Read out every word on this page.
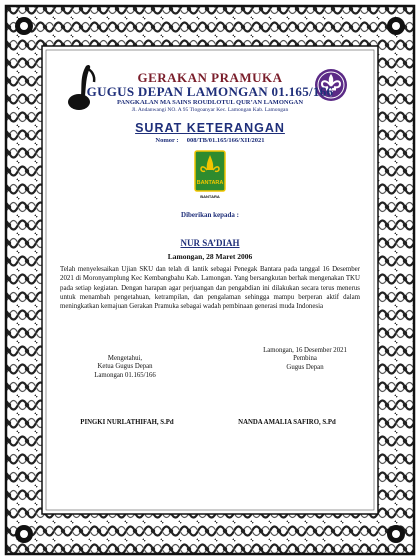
GERAKAN PRAMUKA
GUGUS DEPAN LAMONGAN 01.165/166
PANGKALAN MA SAINS ROUDLOTUL QUR’AN LAMONGAN
Jl. Andanwangi NO. A 95 Tlogoanyar Kec. Lamongan Kab. Lamongan
SURAT KETERANGAN
Nomor : 008/TB/01.165/166/XII/2021
BANTARA
BANTARA
Diberikan kepada :
NUR SA’DIAH
Lamongan, 28 Maret 2006
Telah menyelesaikan Ujian SKU dan telah di lantik sebagai Penegak Bantara pada tanggal 16 Desember 2021 di Moronyamplung Kec Kembangbahu Kab. Lamongan. Yang bersangkutan berhak mengenakan TKU pada setiap kegiatan. Dengan harapan agar perjuangan dan pengabdian ini dilakukan secara terus menerus untuk menambah pengetahuan, ketrampilan, dan pengalaman sehingga mampu berperan aktif dalam meningkatkan kemajuan Gerakan Pramuka sebagai wadah pembinaan generasi muda Indonesia
Lamongan, 16 Desember 2021
Pembina
Gugus Depan
Mengetahui,
Ketua Gugus Depan
Lamongan 01.165/166
PINGKI NURLATHIFAH, S.Pd	NANDA AMALIA SAFIRO, S.Pd
